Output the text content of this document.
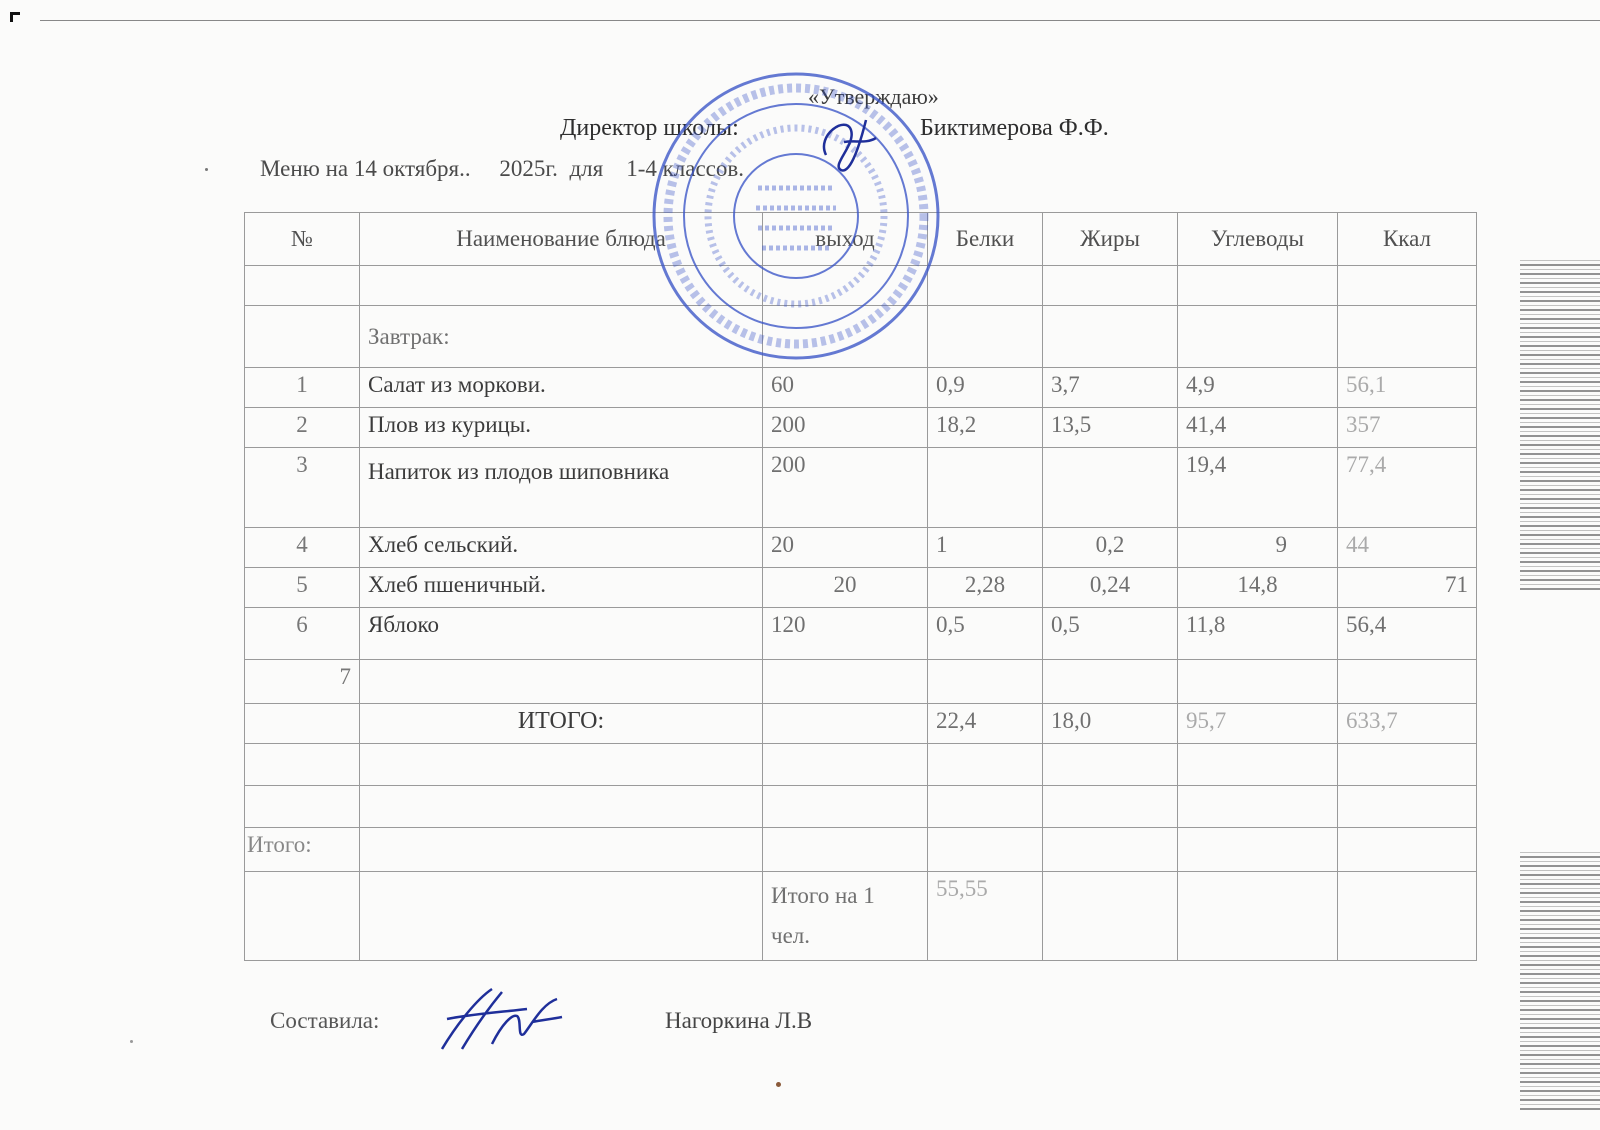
«Утверждаю»
Директор школы:	Биктимерова Ф.Ф.
Меню на 14 октября.. 2025г. для 1-4 классов.
№	Наименование блюда	выход	Белки	Жиры	Углеводы	Ккал

	Завтрак:					
1	Салат из моркови.	60	0,9	3,7	4,9	56,1
2	Плов из курицы.	200	18,2	13,5	41,4	357
3	Напиток из плодов шиповника	200			19,4	77,4
4	Хлеб сельский.	20	1	0,2	9	44
5	Хлеб пшеничный.	20	2,28	0,24	14,8	71
6	Яблоко	120	0,5	0,5	11,8	56,4
7						
	ИТОГО:		22,4	18,0	95,7	633,7

Итого:						
		Итого на 1 чел.	55,55			
Составила:	Нагоркина Л.В
